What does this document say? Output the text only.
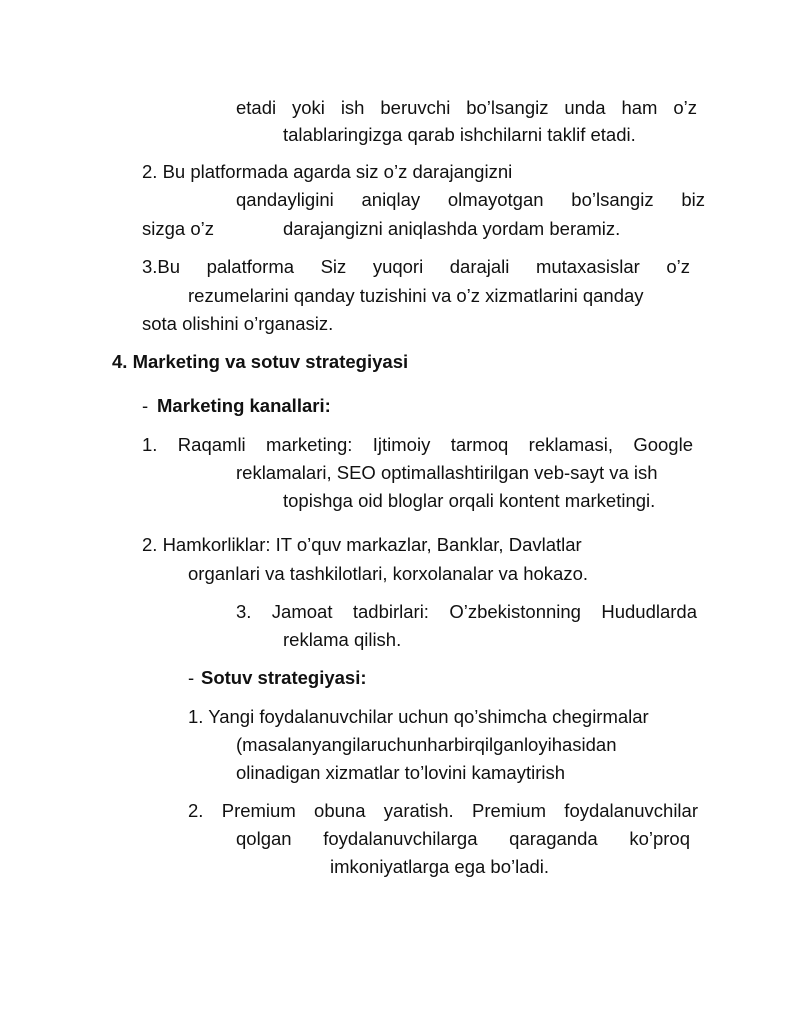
etadi yoki ish beruvchi bo’lsangiz unda ham o’z
talablaringizga qarab ishchilarni taklif etadi.
2. Bu platformada agarda siz o’z darajangizni
qandayligini aniqlay olmayotgan bo’lsangiz biz
sizga o’z	darajangizni aniqlashda yordam beramiz.
3.Bu palatforma Siz yuqori darajali mutaxasislar o’z
rezumelarini qanday tuzishini va o’z xizmatlarini qanday
sota olishini o’rganasiz.
4. Marketing va sotuv strategiyasi
- Marketing kanallari:
1. Raqamli marketing: Ijtimoiy tarmoq reklamasi, Google
reklamalari, SEO optimallashtirilgan veb-sayt va ish
topishga oid bloglar orqali kontent marketingi.
2. Hamkorliklar: IT o’quv markazlar, Banklar, Davlatlar
organlari va tashkilotlari, korxolanalar va hokazo.
3. Jamoat tadbirlari: O’zbekistonning Hududlarda
reklama qilish.
- Sotuv strategiyasi:
1. Yangi foydalanuvchilar uchun qo’shimcha chegirmalar
(masalanyangilaruchunharbirqilganloyihasidan
olinadigan xizmatlar to’lovini kamaytirish
2. Premium obuna yaratish. Premium foydalanuvchilar
qolgan foydalanuvchilarga qaraganda ko’proq
imkoniyatlarga ega bo’ladi.
